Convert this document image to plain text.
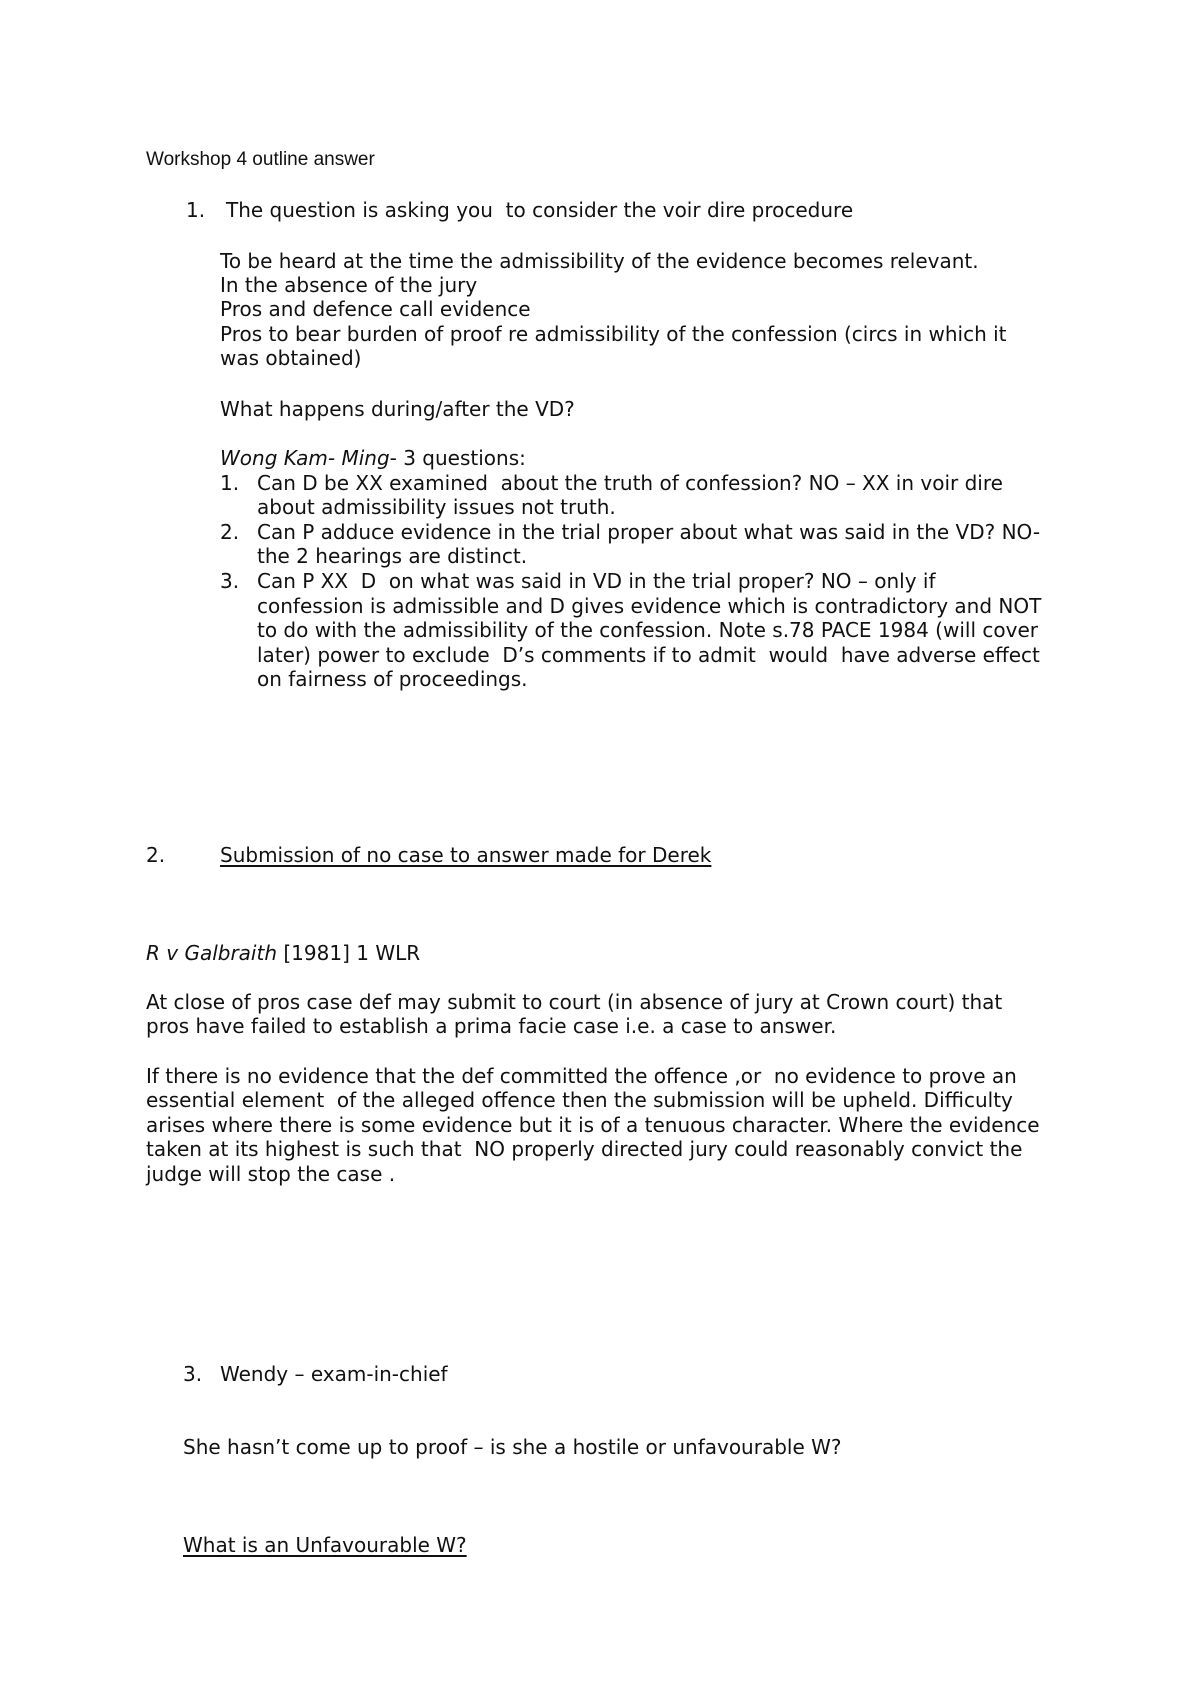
Workshop 4 outline answer
1. The question is asking you  to consider the voir dire procedure
To be heard at the time the admissibility of the evidence becomes relevant.
In the absence of the jury
Pros and defence call evidence
Pros to bear burden of proof re admissibility of the confession (circs in which it
was obtained)
What happens during/after the VD?
Wong Kam- Ming- 3 questions:
1. Can D be XX examined  about the truth of confession? NO – XX in voir dire
about admissibility issues not truth.
2. Can P adduce evidence in the trial proper about what was said in the VD? NO-
the 2 hearings are distinct.
3. Can P XX  D  on what was said in VD in the trial proper? NO – only if
confession is admissible and D gives evidence which is contradictory and NOT
to do with the admissibility of the confession. Note s.78 PACE 1984 (will cover
later) power to exclude  D’s comments if to admit  would  have adverse effect
on fairness of proceedings.
2.	Submission of no case to answer made for Derek
R v Galbraith [1981] 1 WLR
At close of pros case def may submit to court (in absence of jury at Crown court) that
pros have failed to establish a prima facie case i.e. a case to answer.
If there is no evidence that the def committed the offence ,or  no evidence to prove an
essential element  of the alleged offence then the submission will be upheld. Difficulty
arises where there is some evidence but it is of a tenuous character. Where the evidence
taken at its highest is such that  NO properly directed jury could reasonably convict the
judge will stop the case .
3. Wendy – exam-in-chief
She hasn’t come up to proof – is she a hostile or unfavourable W?
What is an Unfavourable W?
